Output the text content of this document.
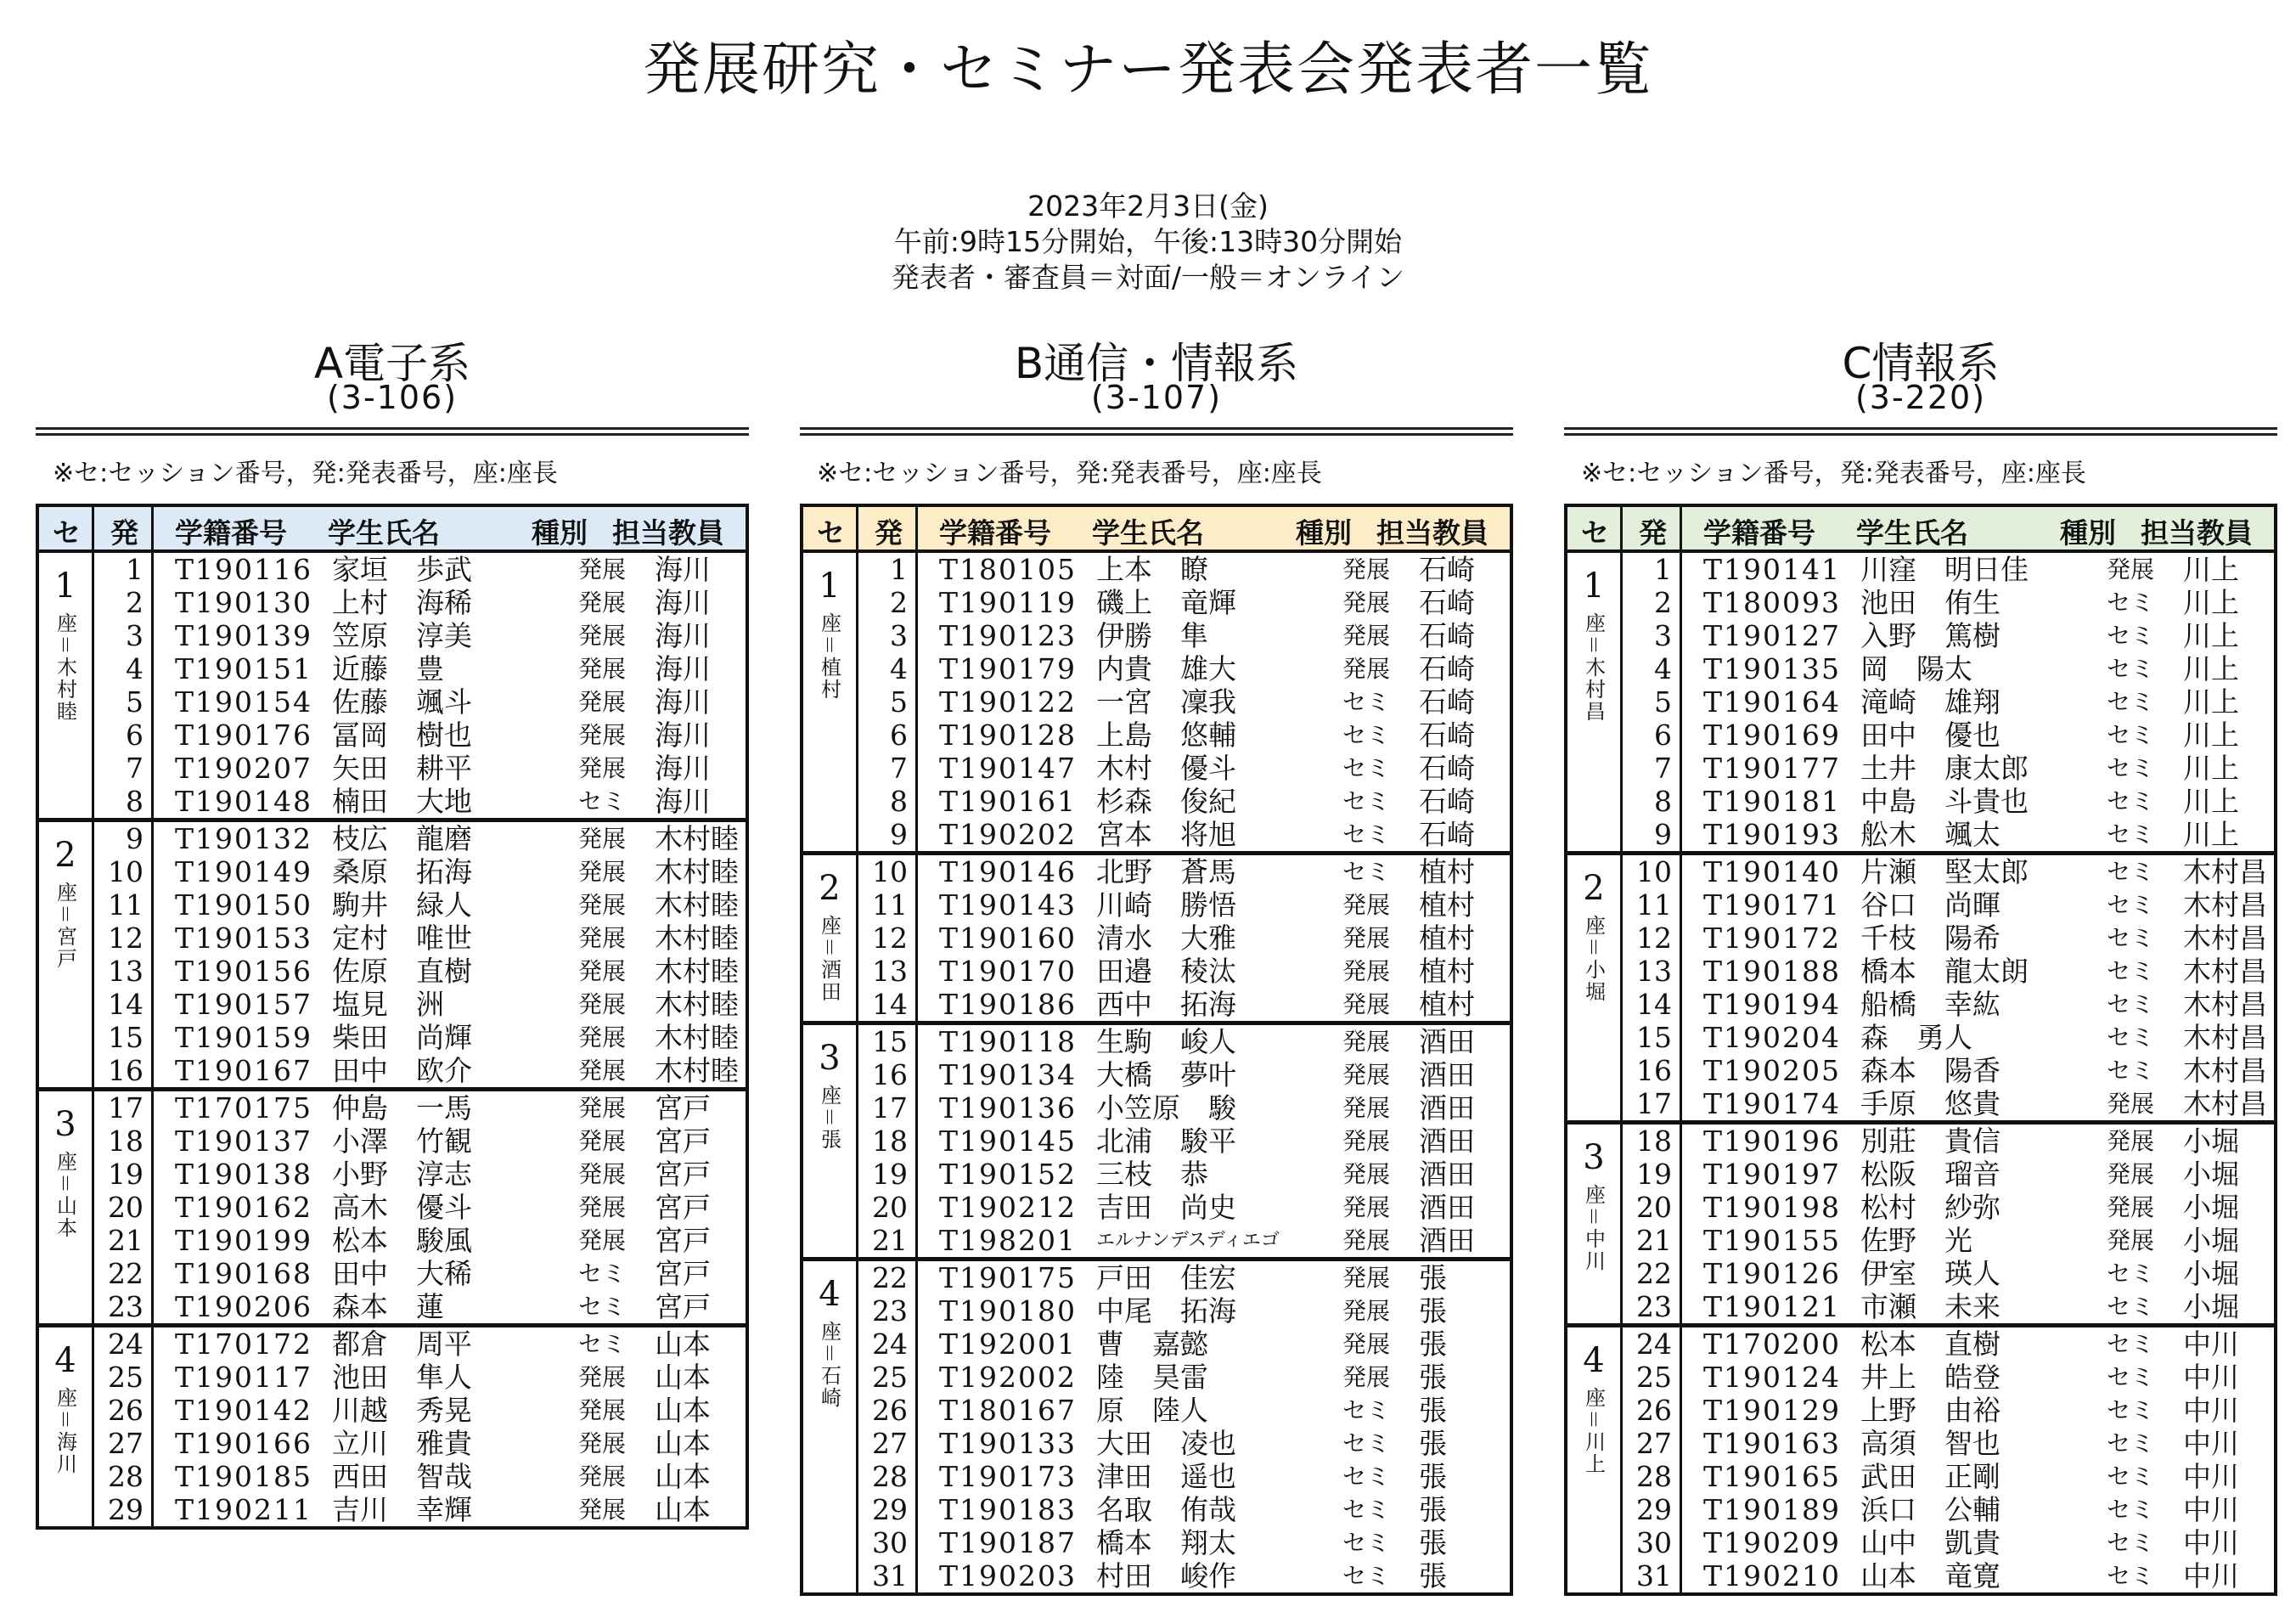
発展研究・セミナー発表会発表者一覧
2023年2月3日(金)
午前:9時15分開始，午後:13時30分開始
発表者・審査員＝対面/一般＝オンライン
A電子系
(3-106)
※セ:セッション番号，発:発表番号，座:座長
セ 発 学籍番号 学生氏名	種別 担当教員
1
座＝木村睦
1 T190116 家垣　歩武	発展 海川
2 T190130 上村　海稀	発展 海川
3 T190139 笠原　淳美	発展 海川
4 T190151 近藤　豊	発展 海川
5 T190154 佐藤　颯斗	発展 海川
6 T190176 冨岡　樹也	発展 海川
7 T190207 矢田　耕平	発展 海川
8 T190148 楠田　大地	セミ 海川
2
座＝宮戸
9 T190132 枝広　龍磨	発展 木村睦
10 T190149 桑原　拓海	発展 木村睦
11 T190150 駒井　緑人	発展 木村睦
12 T190153 定村　唯世	発展 木村睦
13 T190156 佐原　直樹	発展 木村睦
14 T190157 塩見　洲	発展 木村睦
15 T190159 柴田　尚輝	発展 木村睦
16 T190167 田中　欧介	発展 木村睦
3
座＝山本
17 T170175 仲島　一馬	発展 宮戸
18 T190137 小澤　竹観	発展 宮戸
19 T190138 小野　淳志	発展 宮戸
20 T190162 高木　優斗	発展 宮戸
21 T190199 松本　駿風	発展 宮戸
22 T190168 田中　大稀	セミ 宮戸
23 T190206 森本　蓮	セミ 宮戸
4
座＝海川
24 T170172 都倉　周平	セミ 山本
25 T190117 池田　隼人	発展 山本
26 T190142 川越　秀晃	発展 山本
27 T190166 立川　雅貴	発展 山本
28 T190185 西田　智哉	発展 山本
29 T190211 吉川　幸輝	発展 山本
B通信・情報系
(3-107)
※セ:セッション番号，発:発表番号，座:座長
セ 発 学籍番号 学生氏名	種別 担当教員
1
座＝植村
1 T180105 上本　瞭	発展 石崎
2 T190119 磯上　竜輝	発展 石崎
3 T190123 伊勝　隼	発展 石崎
4 T190179 内貴　雄大	発展 石崎
5 T190122 一宮　凜我	セミ 石崎
6 T190128 上島　悠輔	セミ 石崎
7 T190147 木村　優斗	セミ 石崎
8 T190161 杉森　俊紀	セミ 石崎
9 T190202 宮本　将旭	セミ 石崎
2
座＝酒田
10 T190146 北野　蒼馬	セミ 植村
11 T190143 川崎　勝悟	発展 植村
12 T190160 清水　大雅	発展 植村
13 T190170 田邉　稜汰	発展 植村
14 T190186 西中　拓海	発展 植村
3
座＝張
15 T190118 生駒　峻人	発展 酒田
16 T190134 大橋　夢叶	発展 酒田
17 T190136 小笠原　駿	発展 酒田
18 T190145 北浦　駿平	発展 酒田
19 T190152 三枝　恭	発展 酒田
20 T190212 吉田　尚史	発展 酒田
21 T198201 エルナンデスディエゴ	発展 酒田
4
座＝石崎
22 T190175 戸田　佳宏	発展 張
23 T190180 中尾　拓海	発展 張
24 T192001 曹　嘉懿	発展 張
25 T192002 陸　昊雷	発展 張
26 T180167 原　陸人	セミ 張
27 T190133 大田　凌也	セミ 張
28 T190173 津田　遥也	セミ 張
29 T190183 名取　侑哉	セミ 張
30 T190187 橋本　翔太	セミ 張
31 T190203 村田　峻作	セミ 張
C情報系
(3-220)
※セ:セッション番号，発:発表番号，座:座長
セ 発 学籍番号 学生氏名	種別 担当教員
1
座＝木村昌
1 T190141 川窪　明日佳	発展 川上
2 T180093 池田　侑生	セミ 川上
3 T190127 入野　篤樹	セミ 川上
4 T190135 岡　陽太	セミ 川上
5 T190164 滝崎　雄翔	セミ 川上
6 T190169 田中　優也	セミ 川上
7 T190177 土井　康太郎	セミ 川上
8 T190181 中島　斗貴也	セミ 川上
9 T190193 舩木　颯太	セミ 川上
2
座＝小堀
10 T190140 片瀬　堅太郎	セミ 木村昌
11 T190171 谷口　尚暉	セミ 木村昌
12 T190172 千枝　陽希	セミ 木村昌
13 T190188 橋本　龍太朗	セミ 木村昌
14 T190194 船橋　幸紘	セミ 木村昌
15 T190204 森　勇人	セミ 木村昌
16 T190205 森本　陽香	セミ 木村昌
17 T190174 手原　悠貴	発展 木村昌
3
座＝中川
18 T190196 別莊　貴信	発展 小堀
19 T190197 松阪　瑠音	発展 小堀
20 T190198 松村　紗弥	発展 小堀
21 T190155 佐野　光	発展 小堀
22 T190126 伊室　瑛人	セミ 小堀
23 T190121 市瀬　未来	セミ 小堀
4
座＝川上
24 T170200 松本　直樹	セミ 中川
25 T190124 井上　皓登	セミ 中川
26 T190129 上野　由裕	セミ 中川
27 T190163 高須　智也	セミ 中川
28 T190165 武田　正剛	セミ 中川
29 T190189 浜口　公輔	セミ 中川
30 T190209 山中　凱貴	セミ 中川
31 T190210 山本　竜寛	セミ 中川
